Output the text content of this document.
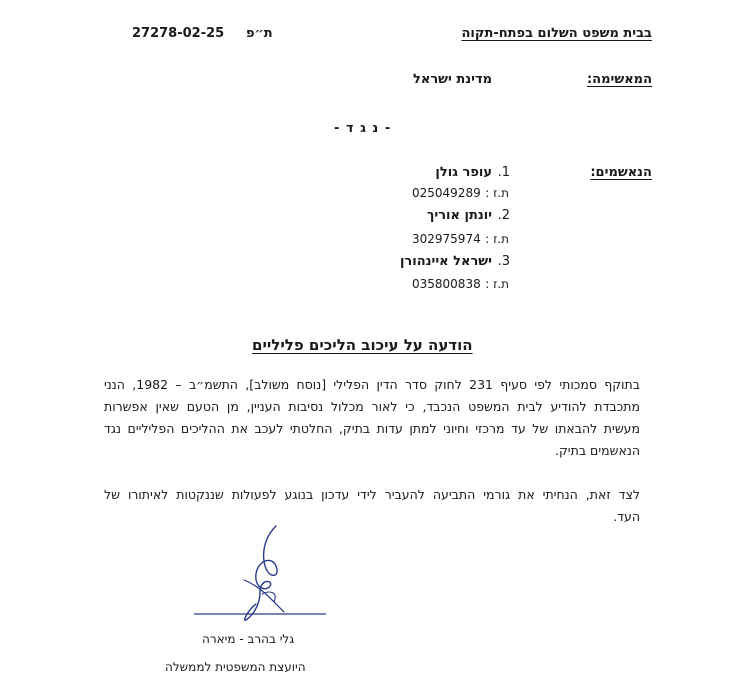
בבית משפט השלום בפתח-תקוה
ת״פ
27278-02-25
המאשימה:
מדינת ישראל
- נ ג ד -
הנאשמים:
1.
עופר גולן
ת.ז :
025049289
2.
יונתן אוריך
ת.ז :
302975974
3.
ישראל איינהורן
ת.ז :
035800838
הודעה על עיכוב הליכים פליליים
בתוקף סמכותי לפי סעיף 231 לחוק סדר הדין הפלילי [נוסח משולב], התשמ״ב – 1982, הנני
מתכבדת להודיע לבית המשפט הנכבד, כי לאור מכלול נסיבות העניין, מן הטעם שאין אפשרות
מעשית להבאתו של עד מרכזי וחיוני למתן עדות בתיק, החלטתי לעכב את ההליכים הפליליים נגד
הנאשמים בתיק.
לצד זאת, הנחיתי את גורמי התביעה להעביר לידי עדכון בנוגע לפעולות שננקטות לאיתורו של
העד.
גלי בהרב - מיארה
היועצת המשפטית לממשלה
